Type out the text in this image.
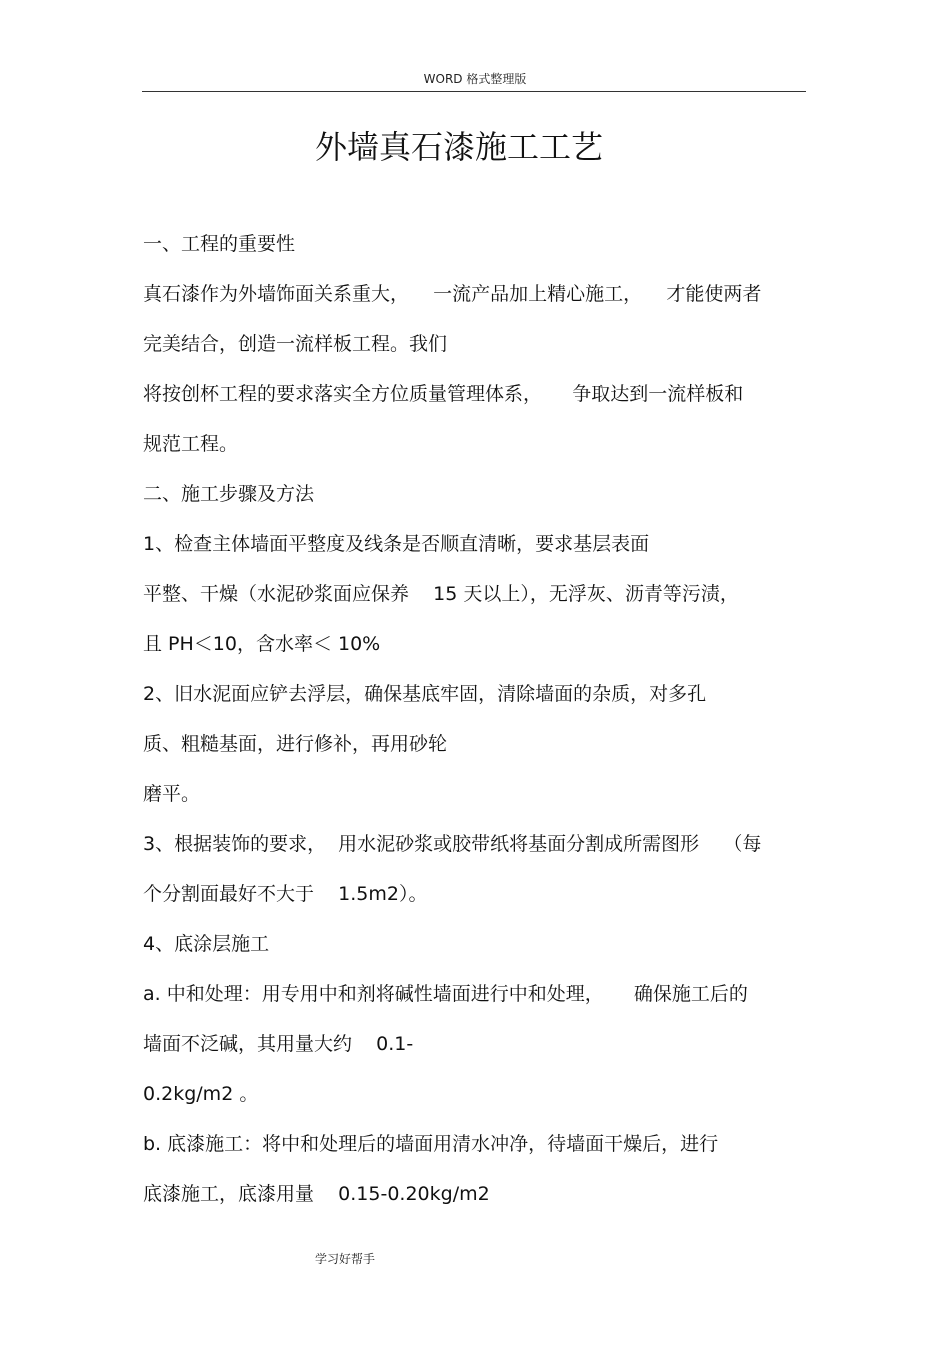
WORD 格式整理版
外墙真石漆施工工艺
一、工程的重要性
真石漆作为外墙饰面关系重大，    一流产品加上精心施工，    才能使两者
完美结合，创造一流样板工程。我们
将按创杯工程的要求落实全方位质量管理体系，     争取达到一流样板和
规范工程。
二、施工步骤及方法
1、检查主体墙面平整度及线条是否顺直清晰，要求基层表面
平整、干燥（水泥砂浆面应保养    15 天以上），无浮灰、沥青等污渍，
且 PH＜10，含水率＜ 10%
2、旧水泥面应铲去浮层，确保基底牢固，清除墙面的杂质，对多孔
质、粗糙基面，进行修补，再用砂轮
磨平。
3、根据装饰的要求，  用水泥砂浆或胶带纸将基面分割成所需图形    （每
个分割面最好不大于    1.5m2）。
4、底涂层施工
a. 中和处理：用专用中和剂将碱性墙面进行中和处理，     确保施工后的
墙面不泛碱，其用量大约    0.1-
0.2kg/m2 。
b. 底漆施工：将中和处理后的墙面用清水冲净，待墙面干燥后，进行
底漆施工，底漆用量    0.15-0.20kg/m2
学习好帮手
